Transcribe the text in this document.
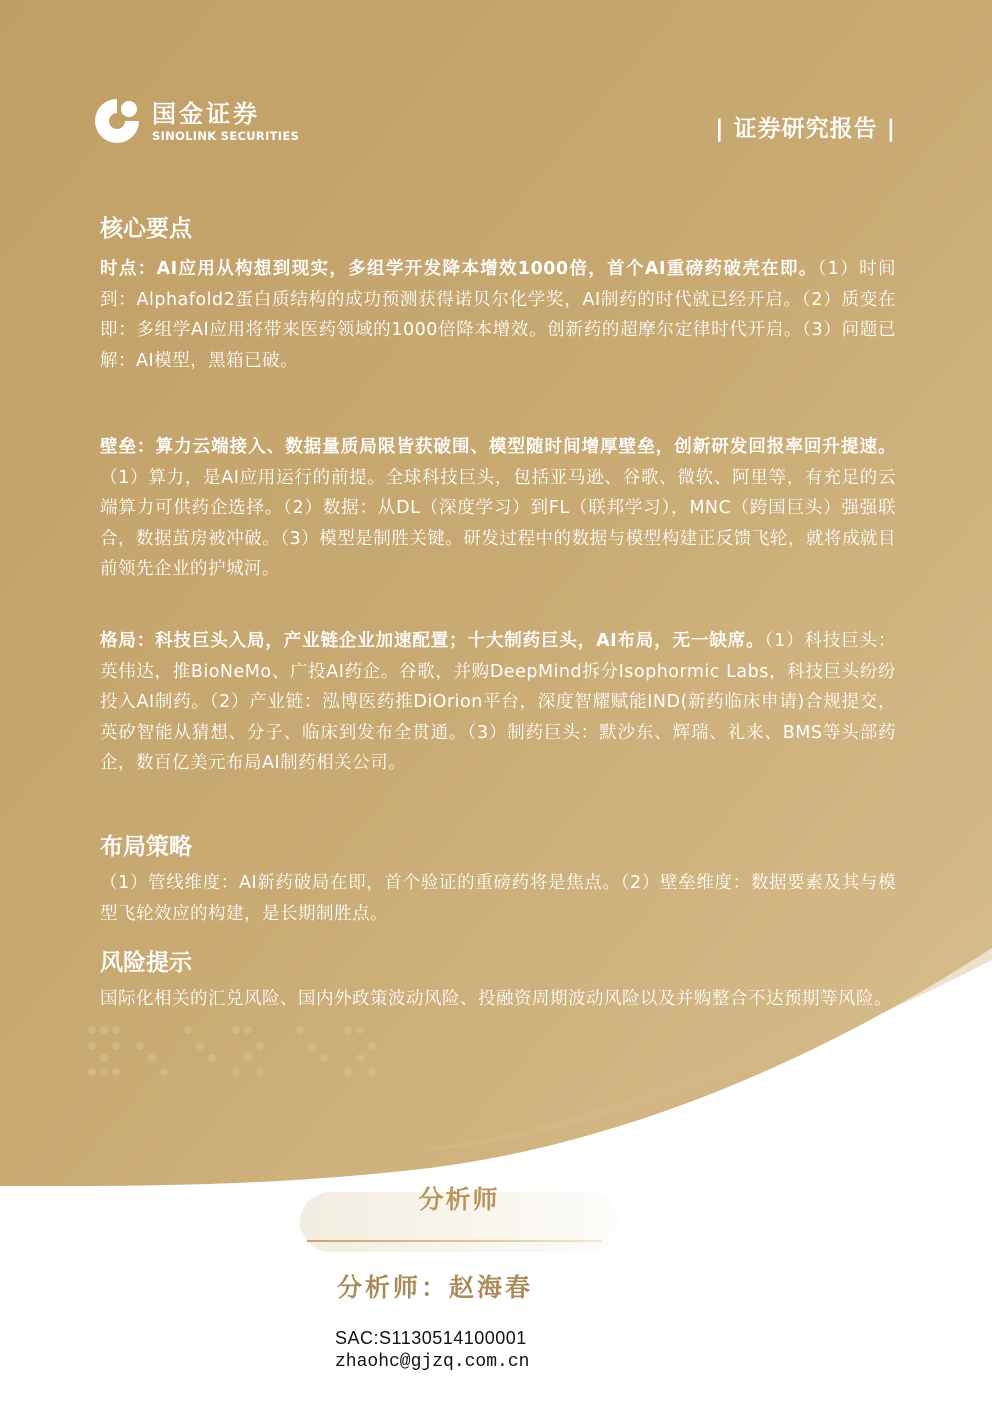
国金证券
SINOLINK SECURITIES	| 证券研究报告 |
核心要点
时点：AI应用从构想到现实，多组学开发降本增效1000倍，首个AI重磅药破壳在即。（1）时间到：Alphafold2蛋白质结构的成功预测获得诺贝尔化学奖，AI制药的时代就已经开启。（2）质变在即：多组学AI应用将带来医药领域的1000倍降本增效。创新药的超摩尔定律时代开启。（3）问题已解：AI模型，黑箱已破。
壁垒：算力云端接入、数据量质局限皆获破围、模型随时间增厚壁垒，创新研发回报率回升提速。（1）算力，是AI应用运行的前提。全球科技巨头，包括亚马逊、谷歌、微软、阿里等，有充足的云端算力可供药企选择。（2）数据：从DL（深度学习）到FL（联邦学习），MNC（跨国巨头）强强联合，数据茧房被冲破。（3）模型是制胜关键。研发过程中的数据与模型构建正反馈飞轮，就将成就目前领先企业的护城河。
格局：科技巨头入局，产业链企业加速配置；十大制药巨头，AI布局，无一缺席。（1）科技巨头：英伟达，推BioNeMo、广投AI药企。谷歌，并购DeepMind拆分Isophormic Labs，科技巨头纷纷投入AI制药。（2）产业链：泓博医药推DiOrion平台，深度智耀赋能IND(新药临床申请)合规提交，英矽智能从猜想、分子、临床到发布全贯通。（3）制药巨头：默沙东、辉瑞、礼来、BMS等头部药企，数百亿美元布局AI制药相关公司。
布局策略
（1）管线维度：AI新药破局在即，首个验证的重磅药将是焦点。（2）壁垒维度：数据要素及其与模型飞轮效应的构建，是长期制胜点。
风险提示
国际化相关的汇兑风险、国内外政策波动风险、投融资周期波动风险以及并购整合不达预期等风险。
分析师
分析师：赵海春
SAC:S1130514100001
zhaohc@gjzq.com.cn
